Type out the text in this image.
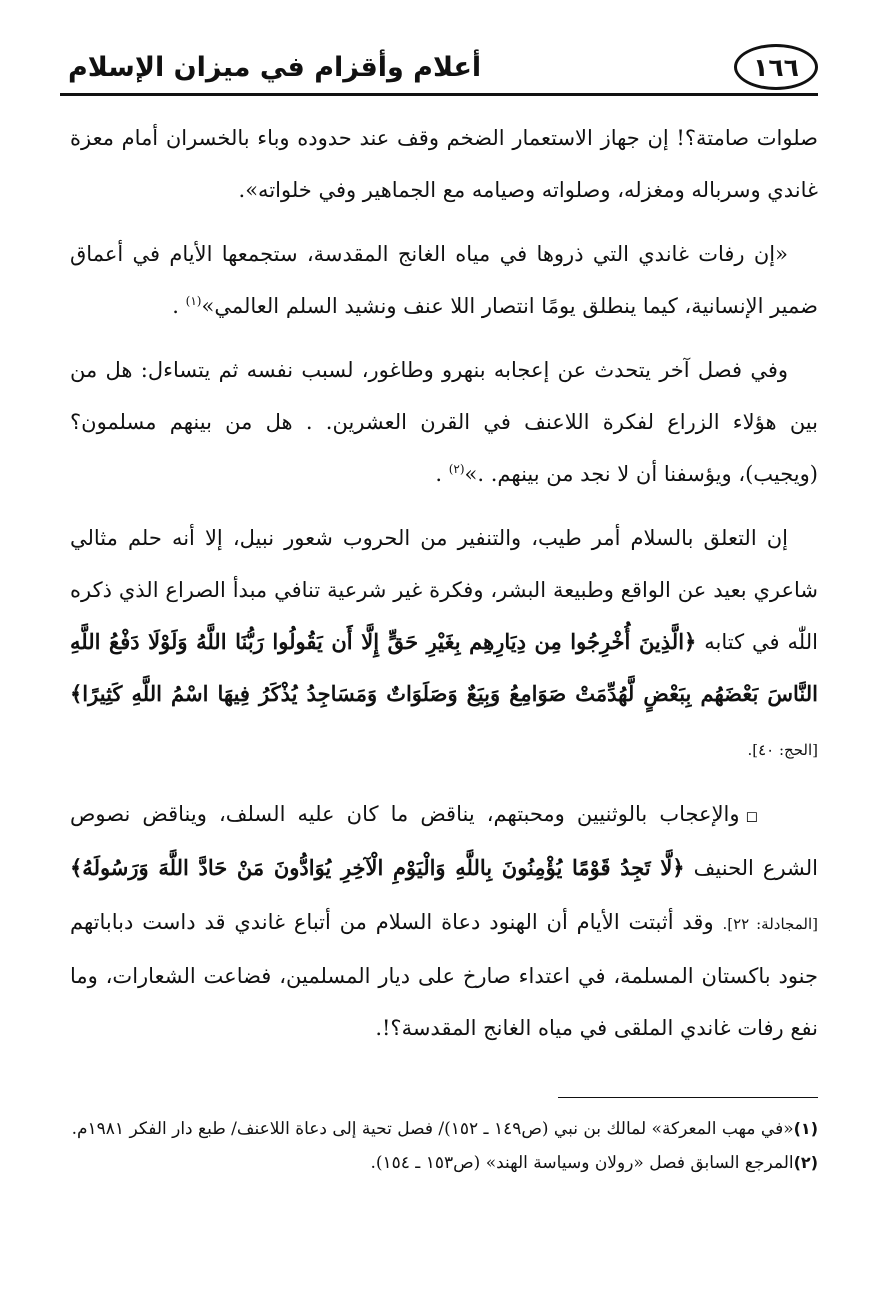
١٦٦
أعلام وأقزام في ميزان الإسلام

صلوات صامتة؟! إن جهاز الاستعمار الضخم وقف عند حدوده وباء بالخسران أمام معزة غاندي وسرباله ومغزله، وصلواته وصيامه مع الجماهير وفي خلواته».

«إن رفات غاندي التي ذروها في مياه الغانج المقدسة، ستجمعها الأيام في أعماق ضمير الإنسانية، كيما ينطلق يومًا انتصار اللا عنف ونشيد السلم العالمي»$^{(١)}$ .

وفي فصل آخر يتحدث عن إعجابه بنهرو وطاغور، لسبب نفسه ثم يتساءل: هل من بين هؤلاء الزراع لفكرة اللاعنف في القرن العشرين. . هل من بينهم مسلمون؟ (ويجيب)، ويؤسفنا أن لا نجد من بينهم. .»$^{(٢)}$ .

إن التعلق بالسلام أمر طيب، والتنفير من الحروب شعور نبيل، إلا أنه حلم مثالي شاعري بعيد عن الواقع وطبيعة البشر، وفكرة غير شرعية تنافي مبدأ الصراع الذي ذكره اللّٰه في كتابه ﴿الَّذِينَ أُخْرِجُوا مِن دِيَارِهِم بِغَيْرِ حَقٍّ إِلَّا أَن يَقُولُوا رَبُّنَا اللَّهُ وَلَوْلَا دَفْعُ اللَّهِ النَّاسَ بَعْضَهُم بِبَعْضٍ لَّهُدِّمَتْ صَوَامِعُ وَبِيَعٌ وَصَلَوَاتٌ وَمَسَاجِدُ يُذْكَرُ فِيهَا اسْمُ اللَّهِ كَثِيرًا﴾ [الحج: ٤٠].

◻والإعجاب بالوثنيين ومحبتهم، يناقض ما كان عليه السلف، ويناقض نصوص الشرع الحنيف ﴿لَّا تَجِدُ قَوْمًا يُؤْمِنُونَ بِاللَّهِ وَالْيَوْمِ الْآخِرِ يُوَادُّونَ مَنْ حَادَّ اللَّهَ وَرَسُولَهُ﴾ [المجادلة: ٢٢]. وقد أثبتت الأيام أن الهنود دعاة السلام من أتباع غاندي قد داست دباباتهم جنود باكستان المسلمة، في اعتداء صارخ على ديار المسلمين، فضاعت الشعارات، وما نفع رفات غاندي الملقى في مياه الغانج المقدسة؟!.

(١)«في مهب المعركة» لمالك بن نبي (ص١٤٩ ـ ١٥٢)/ فصل تحية إلى دعاة اللاعنف/ طبع دار الفكر ١٩٨١م.

(٢)المرجع السابق فصل «رولان وسياسة الهند» (ص١٥٣ ـ ١٥٤).
